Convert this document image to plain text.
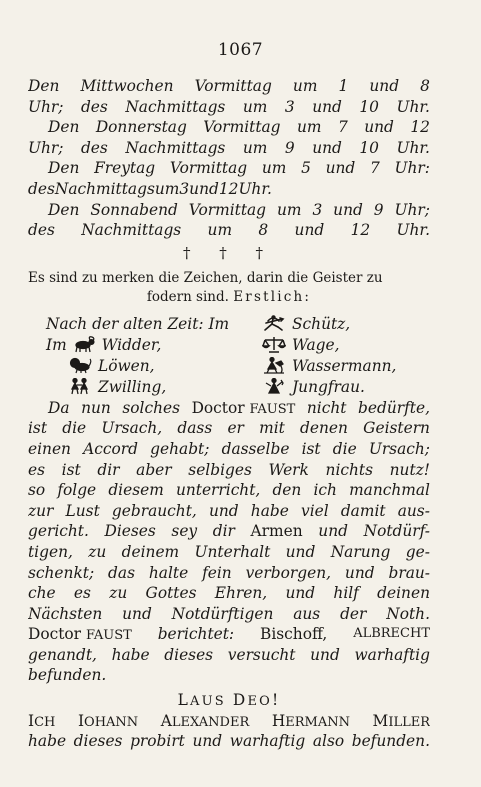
1067
Den Mittwochen Vormittag um 1 und 8
Uhr; des Nachmittags um 3 und 10 Uhr.
Den Donnerstag Vormittag um 7 und 12
Uhr; des Nachmittags um 9 und 10 Uhr.
Den Freytag Vormittag um 5 und 7 Uhr:
des Nachmittags um 3 und 12 Uhr.
Den Sonnabend Vormittag um 3 und 9 Uhr;
des Nachmittags um 8 und 12 Uhr.
† † †
Es sind zu merken die Zeichen, darin die Geister zu
fodern sind.
Erstlich:
Nach der alten Zeit: Im	Schütz,
Im Widder,	Wage,
Löwen,	Wassermann,
Zwilling,	Jungfrau.
Da nun solches Doctor FAUST nicht bedürfte,
ist die Ursach, dass er mit denen Geistern
einen Accord gehabt; dasselbe ist die Ursach;
es ist dir aber selbiges Werk nichts nutz!
so folge diesem unterricht, den ich manchmal
zur Lust gebraucht, und habe viel damit aus-
gericht. Dieses sey dir Armen und Notdürf-
tigen, zu deinem Unterhalt und Narung ge-
schenkt; das halte fein verborgen, und brau-
che es zu Gottes Ehren, und hilf deinen
Nächsten und Notdürftigen aus der Noth.
Doctor FAUST berichtet: Bischoff, ALBRECHT
genandt, habe dieses versucht und warhaftig
befunden.
LAUS DEO!
ICH IOHANN ALEXANDER HERMANN MILLER
habe dieses probirt und warhaftig also befunden.
